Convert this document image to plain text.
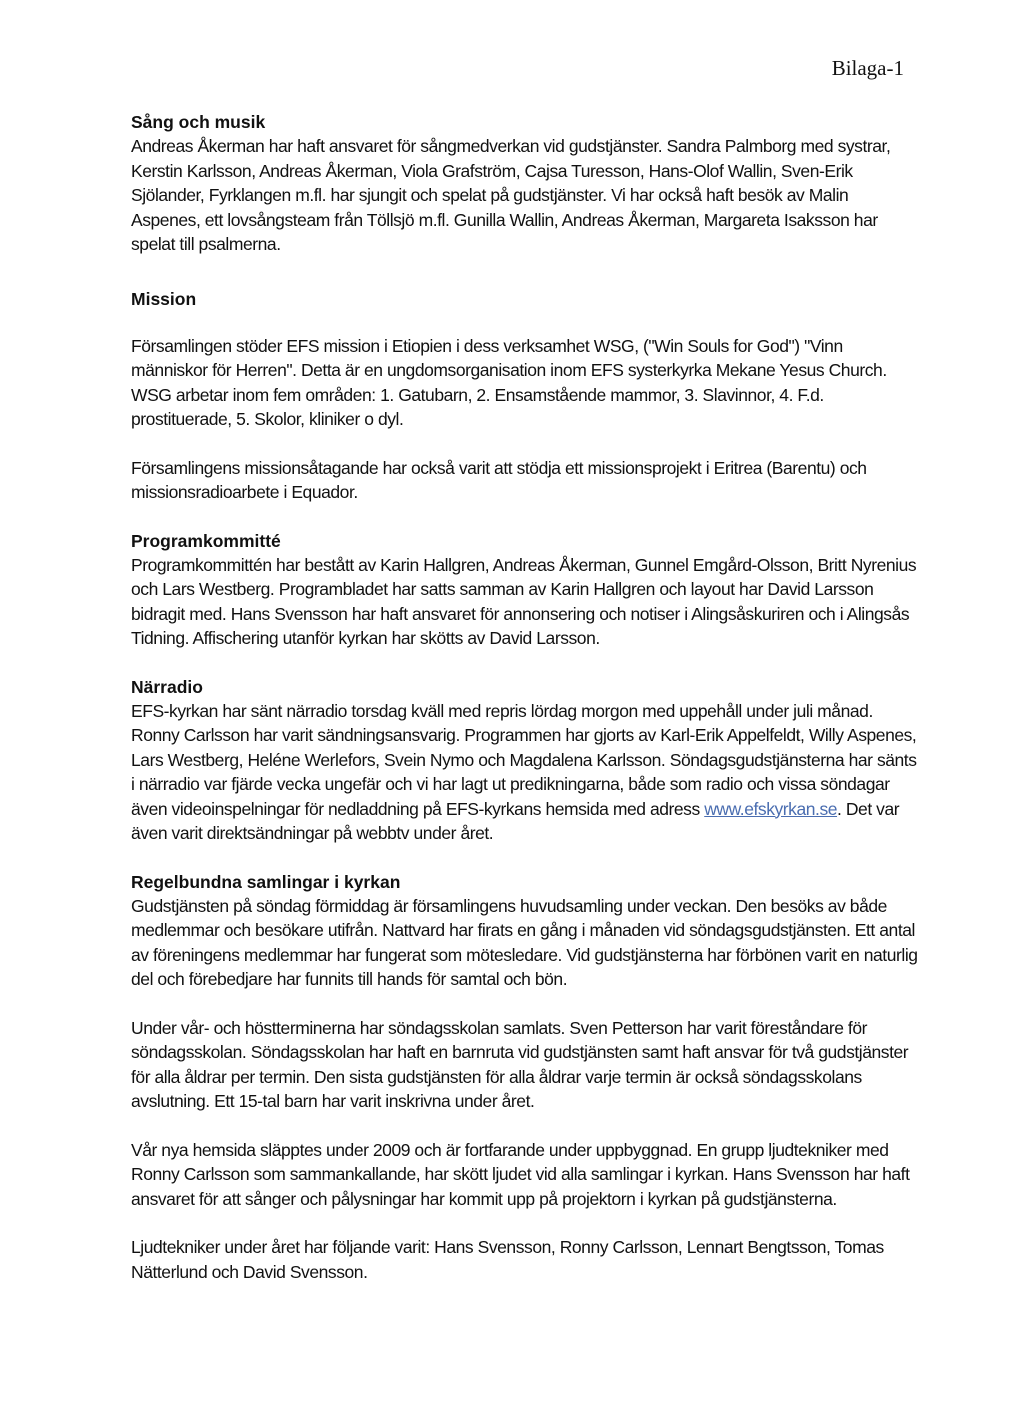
Bilaga-1
Sång och musik

Andreas Åkerman har haft ansvaret för sångmedverkan vid gudstjänster. Sandra Palmborg med systrar, Kerstin Karlsson, Andreas Åkerman, Viola Grafström, Cajsa Turesson, Hans-Olof Wallin, Sven-Erik Sjölander, Fyrklangen m.fl. har sjungit och spelat på gudstjänster. Vi har också haft besök av Malin Aspenes, ett lovsångsteam från Töllsjö m.fl. Gunilla Wallin, Andreas Åkerman, Margareta Isaksson har spelat till psalmerna.

Mission

Församlingen stöder EFS mission i Etiopien i dess verksamhet WSG, ("Win Souls for God") "Vinn människor för Herren". Detta är en ungdomsorganisation inom EFS systerkyrka Mekane Yesus Church. WSG arbetar inom fem områden: 1. Gatubarn, 2. Ensamstående mammor, 3. Slavinnor, 4. F.d. prostituerade, 5. Skolor, kliniker o dyl.

Församlingens missionsåtagande har också varit att stödja ett missionsprojekt i Eritrea (Barentu) och missionsradioarbete i Equador.

Programkommitté

Programkommittén har bestått av Karin Hallgren, Andreas Åkerman, Gunnel Emgård-Olsson, Britt Nyrenius och Lars Westberg. Programbladet har satts samman av Karin Hallgren och layout har David Larsson bidragit med. Hans Svensson har haft ansvaret för annonsering och notiser i Alingsåskuriren och i Alingsås Tidning. Affischering utanför kyrkan har skötts av David Larsson.

Närradio

EFS-kyrkan har sänt närradio torsdag kväll med repris lördag morgon med uppehåll under juli månad. Ronny Carlsson har varit sändningsansvarig. Programmen har gjorts av Karl-Erik Appelfeldt, Willy Aspenes, Lars Westberg, Heléne Werlefors, Svein Nymo och Magdalena Karlsson. Söndagsgudstjänsterna har sänts i närradio var fjärde vecka ungefär och vi har lagt ut predikningarna, både som radio och vissa söndagar även videoinspelningar för nedladdning på EFS-kyrkans hemsida med adress www.efskyrkan.se. Det var även varit direktsändningar på webbtv under året.

Regelbundna samlingar i kyrkan

Gudstjänsten på söndag förmiddag är församlingens huvudsamling under veckan. Den besöks av både medlemmar och besökare utifrån. Nattvard har firats en gång i månaden vid söndagsgudstjänsten. Ett antal av föreningens medlemmar har fungerat som mötesledare. Vid gudstjänsterna har förbönen varit en naturlig del och förebedjare har funnits till hands för samtal och bön.

Under vår- och höstterminerna har söndagsskolan samlats. Sven Petterson har varit föreståndare för söndagsskolan. Söndagsskolan har haft en barnruta vid gudstjänsten samt haft ansvar för två gudstjänster för alla åldrar per termin. Den sista gudstjänsten för alla åldrar varje termin är också söndagsskolans avslutning. Ett 15-tal barn har varit inskrivna under året.

Vår nya hemsida släpptes under 2009 och är fortfarande under uppbyggnad. En grupp ljudtekniker med Ronny Carlsson som sammankallande, har skött ljudet vid alla samlingar i kyrkan. Hans Svensson har haft ansvaret för att sånger och pålysningar har kommit upp på projektorn i kyrkan på gudstjänsterna.

Ljudtekniker under året har följande varit: Hans Svensson, Ronny Carlsson, Lennart Bengtsson, Tomas Nätterlund och David Svensson.
